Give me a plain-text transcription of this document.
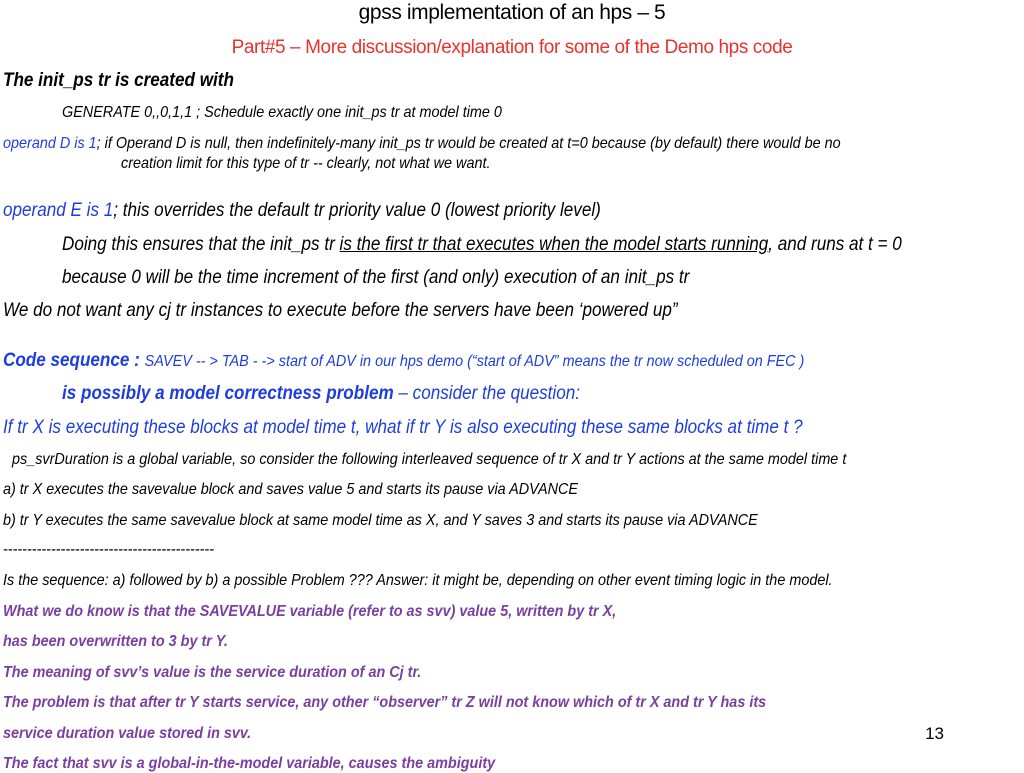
gpss implementation of an hps – 5
Part#5 – More discussion/explanation for some of the Demo hps code
The init_ps tr is created with
GENERATE 0,,0,1,1 ; Schedule exactly one init_ps tr at model time 0
operand D is 1; if Operand D is null, then indefinitely-many init_ps tr would be created at t=0 because (by default) there would be no
creation limit for this type of tr -- clearly, not what we want.
operand E is 1; this overrides the default tr priority value 0 (lowest priority level)
Doing this ensures that the init_ps tr is the first tr that executes when the model starts running, and runs at t = 0
because 0 will be the time increment of the first (and only) execution of an init_ps tr
We do not want any cj tr instances to execute before the servers have been ‘powered up”
Code sequence : SAVEV -- > TAB - -> start of ADV in our hps demo (“start of ADV” means the tr now scheduled on FEC )
is possibly a model correctness problem – consider the question:
If tr X is executing these blocks at model time t, what if tr Y is also executing these same blocks at time t ?
ps_svrDuration is a global variable, so consider the following interleaved sequence of tr X and tr Y actions at the same model time t
a) tr X executes the savevalue block and saves value 5 and starts its pause via ADVANCE
b) tr Y executes the same savevalue block at same model time as X, and Y saves 3 and starts its pause via ADVANCE
--------------------------------------------
Is the sequence: a) followed by b) a possible Problem ??? Answer: it might be, depending on other event timing logic in the model.
What we do know is that the SAVEVALUE variable (refer to as svv) value 5, written by tr X,
has been overwritten to 3 by tr Y.
The meaning of svv’s value is the service duration of an Cj tr.
The problem is that after tr Y starts service, any other “observer” tr Z will not know which of tr X and tr Y has its
service duration value stored in svv.
The fact that svv is a global-in-the-model variable, causes the ambiguity
13
